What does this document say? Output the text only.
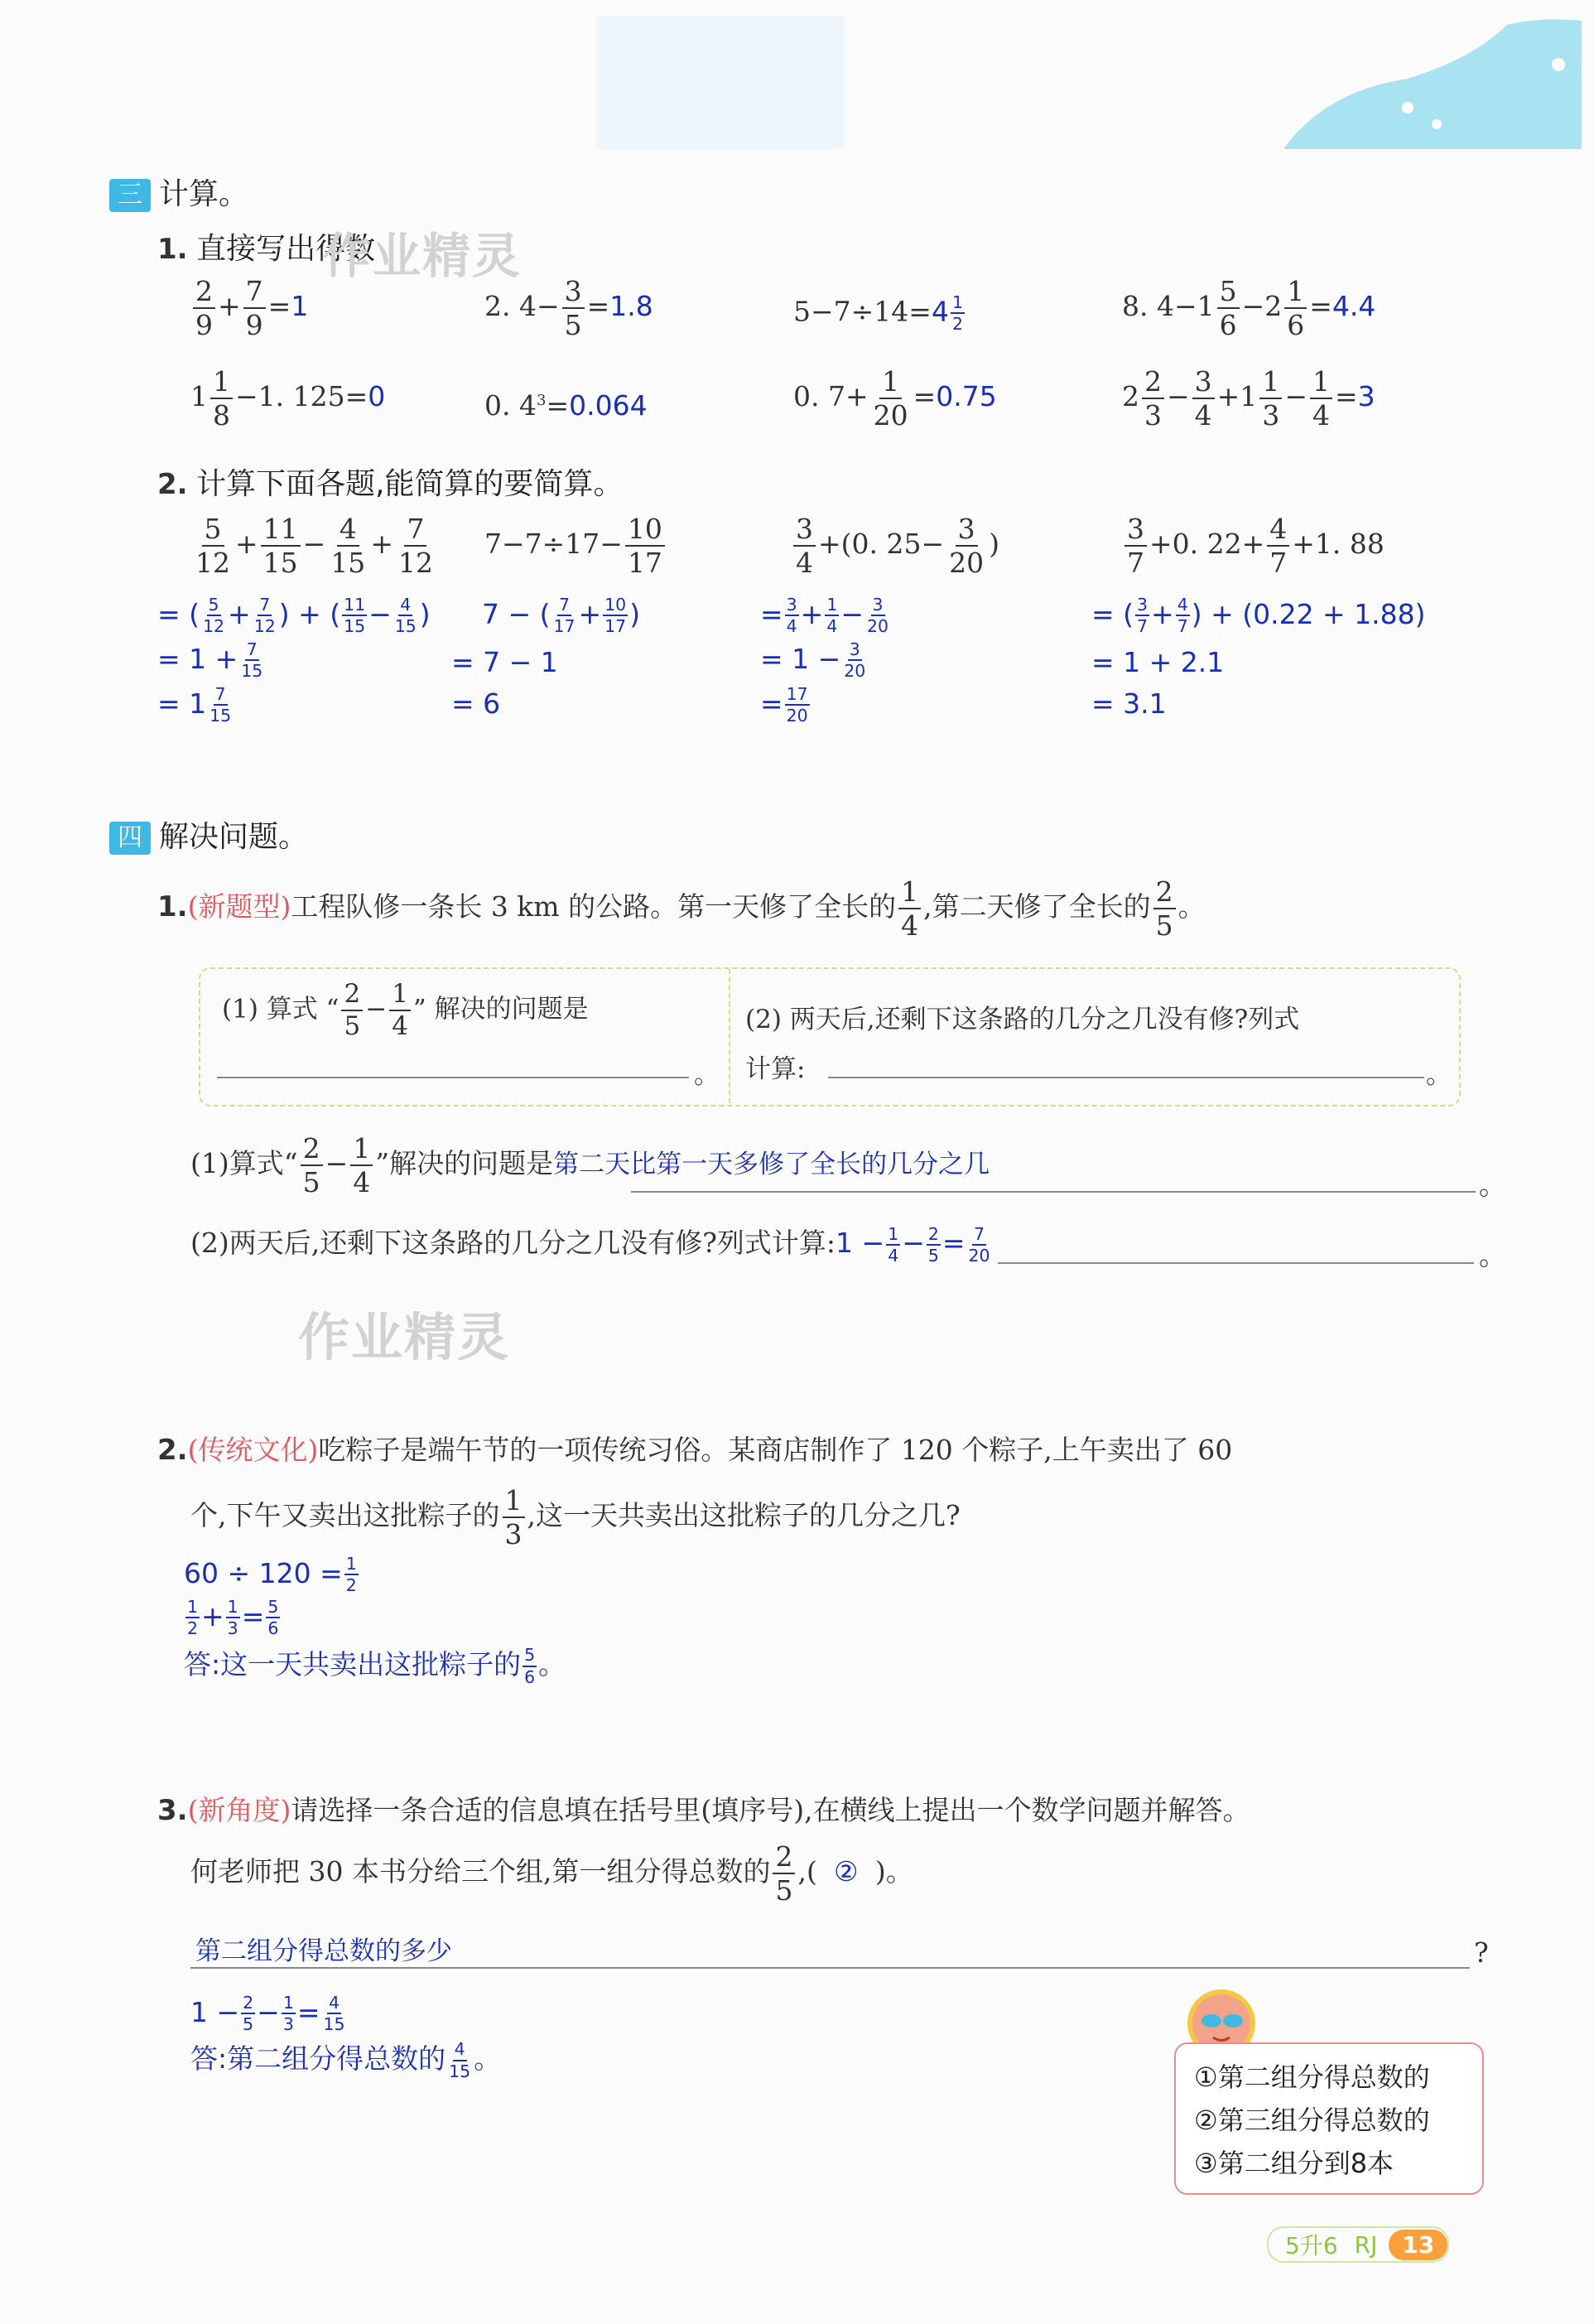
三 计算。
1. 直接写出得数
作业精灵
$\frac{2}{9} + \frac{7}{9} =1$	2. $4- \frac{3}{5} =1.8$	$5-7\div 14=4 \frac{1}{2}$	8. $4-1 \frac{5}{6} -2 \frac{1}{6} =4.4$
$1 \frac{1}{8} -1$. 125=0	0. $4^3=0.064$	0. $7+ \frac{1}{20} =0.75$	$2 \frac{2}{3} - \frac{3}{4} +1 \frac{1}{3} - \frac{1}{4} =3$
2. 计算下面各题,能简算的要简算。
$\frac{5}{12} + \frac{11}{15} - \frac{4}{15} + \frac{7}{12}$
= ( $\frac{5}{12} + \frac{7}{12}$ ) + ( $\frac{11}{15} - \frac{4}{15}$ )
= $1 + \frac{7}{15}$
= $1 \frac{7}{15}$
$7-7\div 17- \frac{10}{17}$
7 − ( $\frac{7}{17} + \frac{10}{17}$ )
= 7 − 1
= 6
$\frac{3}{4} +(0$. $25- \frac{3}{20}$ )
= $\frac{3}{4} + \frac{1}{4} - \frac{3}{20}$
= $1 - \frac{3}{20}$
= $\frac{17}{20}$
$\frac{3}{7} +0$. $22+ \frac{4}{7} +1$. 88
= ( $\frac{3}{7} + \frac{4}{7}$ ) + (0.22 + 1.88)
= 1 + 2.1
= 3.1
四 解决问题。
1.(新题型)工程队修一条长 3 km 的公路。第一天修了全长的 $\frac{1}{4}$ ,第二天修了全长的 $\frac{2}{5}$ 。
(1) 算式 “ $\frac{2}{5} - \frac{1}{4}$ ” 解决的问题是
。
(2) 两天后,还剩下这条路的几分之几没有修?列式
计算:	。
(1)算式“ $\frac{2}{5} - \frac{1}{4}$ ”解决的问题是第二天比第一天多修了全长的几分之几
。
(2)两天后,还剩下这条路的几分之几没有修?列式计算:1 − $\frac{1}{4} - \frac{2}{5} = \frac{7}{20}$	。
作业精灵
2.(传统文化)吃粽子是端午节的一项传统习俗。某商店制作了 120 个粽子,上午卖出了 60
个,下午又卖出这批粽子的 $\frac{1}{3}$ ,这一天共卖出这批粽子的几分之几?
$60 \div 120 = \frac{1}{2}$
$\frac{1}{2} + \frac{1}{3} = \frac{5}{6}$
答:这一天共卖出这批粽子的 $\frac{5}{6}$ 。
3.(新角度)请选择一条合适的信息填在括号里(填序号),在横线上提出一个数学问题并解答。
何老师把 30 本书分给三个组,第一组分得总数的 $\frac{2}{5}$ ,( ② )。
第二组分得总数的多少	?
$1 - \frac{2}{5} - \frac{1}{3} = \frac{4}{15}$
答:第二组分得总数的 $\frac{4}{15}$ 。
①第二组分得总数的
②第三组分得总数的
③第二组分到8本
5升6 RJ	13
